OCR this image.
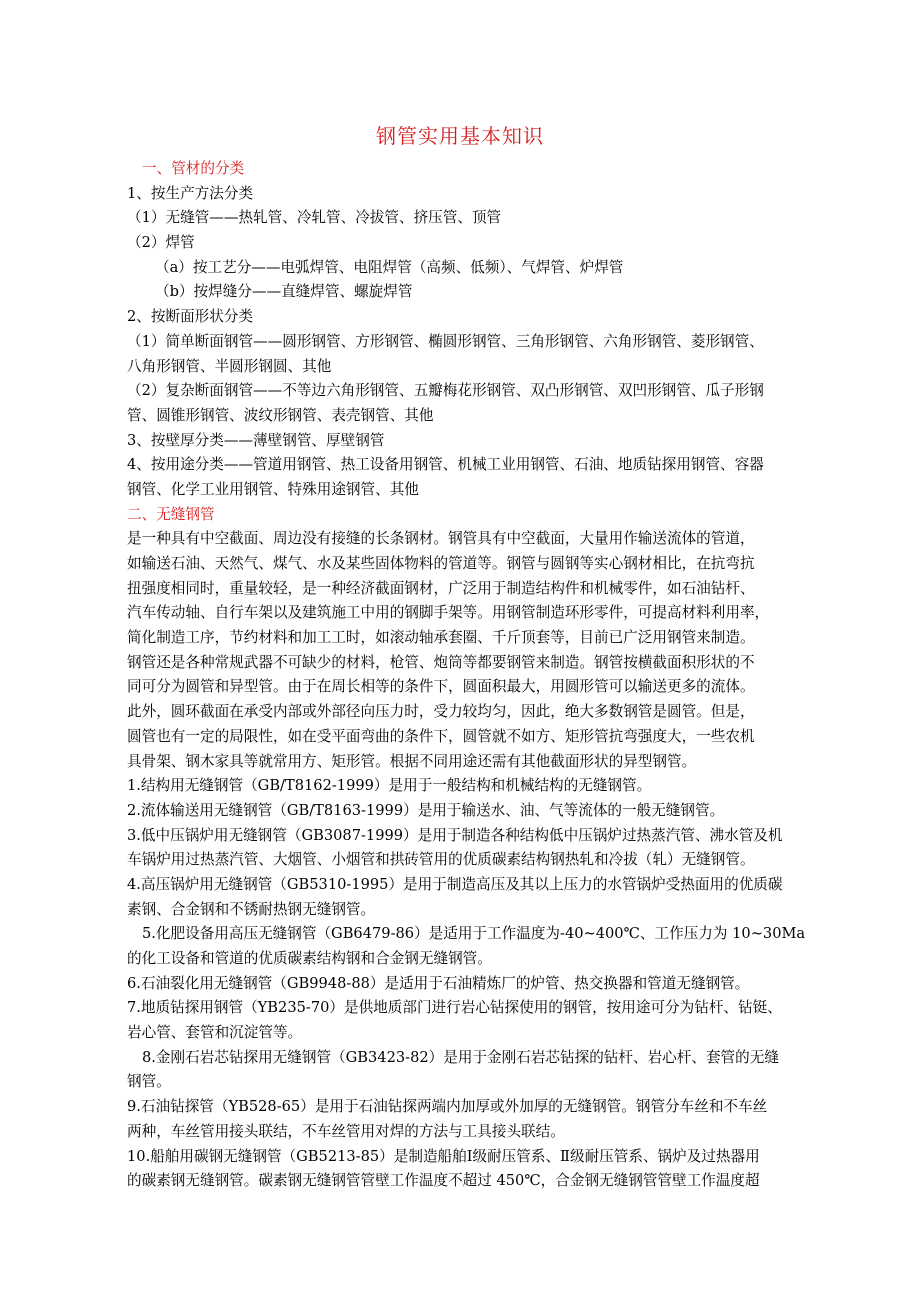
钢管实用基本知识
一、管材的分类
1、按生产方法分类
（1）无缝管——热轧管、冷轧管、冷拔管、挤压管、顶管
（2）焊管
（a）按工艺分——电弧焊管、电阻焊管（高频、低频）、气焊管、炉焊管
（b）按焊缝分——直缝焊管、螺旋焊管
2、按断面形状分类
（1）简单断面钢管——圆形钢管、方形钢管、椭圆形钢管、三角形钢管、六角形钢管、菱形钢管、
八角形钢管、半圆形钢圆、其他
（2）复杂断面钢管——不等边六角形钢管、五瓣梅花形钢管、双凸形钢管、双凹形钢管、瓜子形钢
管、圆锥形钢管、波纹形钢管、表壳钢管、其他
3、按壁厚分类——薄壁钢管、厚壁钢管
4、按用途分类——管道用钢管、热工设备用钢管、机械工业用钢管、石油、地质钻探用钢管、容器
钢管、化学工业用钢管、特殊用途钢管、其他
二、无缝钢管
是一种具有中空截面、周边没有接缝的长条钢材。钢管具有中空截面，大量用作输送流体的管道，
如输送石油、天然气、煤气、水及某些固体物料的管道等。钢管与圆钢等实心钢材相比，在抗弯抗
扭强度相同时，重量较轻，是一种经济截面钢材，广泛用于制造结构件和机械零件，如石油钻杆、
汽车传动轴、自行车架以及建筑施工中用的钢脚手架等。用钢管制造环形零件，可提高材料利用率，
简化制造工序，节约材料和加工工时，如滚动轴承套圈、千斤顶套等，目前已广泛用钢管来制造。
钢管还是各种常规武器不可缺少的材料，枪管、炮筒等都要钢管来制造。钢管按横截面积形状的不
同可分为圆管和异型管。由于在周长相等的条件下，圆面积最大，用圆形管可以输送更多的流体。
此外，圆环截面在承受内部或外部径向压力时，受力较均匀，因此，绝大多数钢管是圆管。但是，
圆管也有一定的局限性，如在受平面弯曲的条件下，圆管就不如方、矩形管抗弯强度大，一些农机
具骨架、钢木家具等就常用方、矩形管。根据不同用途还需有其他截面形状的异型钢管。
1.结构用无缝钢管（GB/T8162-1999）是用于一般结构和机械结构的无缝钢管。
2.流体输送用无缝钢管（GB/T8163-1999）是用于输送水、油、气等流体的一般无缝钢管。
3.低中压锅炉用无缝钢管（GB3087-1999）是用于制造各种结构低中压锅炉过热蒸汽管、沸水管及机
车锅炉用过热蒸汽管、大烟管、小烟管和拱砖管用的优质碳素结构钢热轧和冷拔（轧）无缝钢管。
4.高压锅炉用无缝钢管（GB5310-1995）是用于制造高压及其以上压力的水管锅炉受热面用的优质碳
素钢、合金钢和不锈耐热钢无缝钢管。
5.化肥设备用高压无缝钢管（GB6479-86）是适用于工作温度为-40~400℃、工作压力为 10~30Ma
的化工设备和管道的优质碳素结构钢和合金钢无缝钢管。
6.石油裂化用无缝钢管（GB9948-88）是适用于石油精炼厂的炉管、热交换器和管道无缝钢管。
7.地质钻探用钢管（YB235-70）是供地质部门进行岩心钻探使用的钢管，按用途可分为钻杆、钻铤、
岩心管、套管和沉淀管等。
8.金刚石岩芯钻探用无缝钢管（GB3423-82）是用于金刚石岩芯钻探的钻杆、岩心杆、套管的无缝
钢管。
9.石油钻探管（YB528-65）是用于石油钻探两端内加厚或外加厚的无缝钢管。钢管分车丝和不车丝
两种，车丝管用接头联结，不车丝管用对焊的方法与工具接头联结。
10.船舶用碳钢无缝钢管（GB5213-85）是制造船舶Ⅰ级耐压管系、Ⅱ级耐压管系、锅炉及过热器用
的碳素钢无缝钢管。碳素钢无缝钢管管壁工作温度不超过 450℃，合金钢无缝钢管管壁工作温度超
